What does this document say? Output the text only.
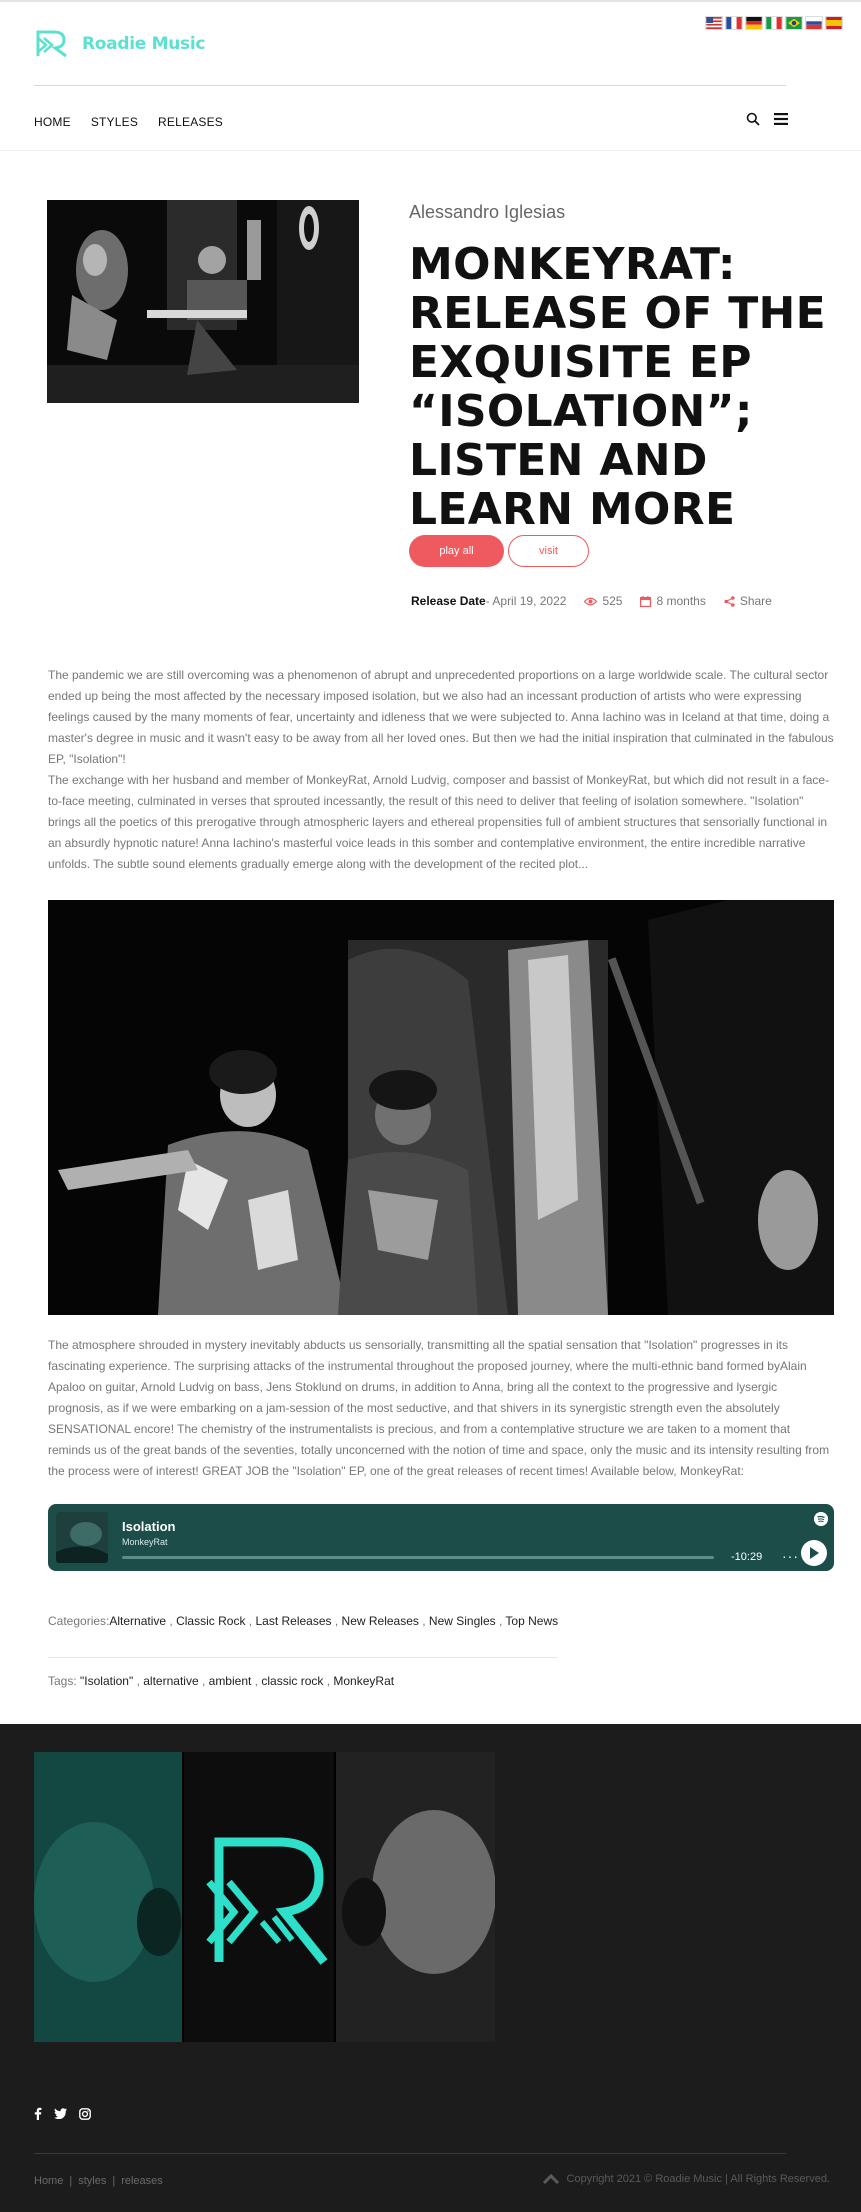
Roadie Music
HOME STYLES RELEASES
Alessandro Iglesias
MONKEYRAT: RELEASE OF THE EXQUISITE EP “ISOLATION”; LISTEN AND LEARN MORE
play all	visit
Release Date - April 19, 2022	525	8 months	Share

The pandemic we are still overcoming was a phenomenon of abrupt and unprecedented proportions on a large worldwide scale. The cultural sector ended up being the most affected by the necessary imposed isolation, but we also had an incessant production of artists who were expressing feelings caused by the many moments of fear, uncertainty and idleness that we were subjected to. Anna Iachino was in Iceland at that time, doing a master's degree in music and it wasn't easy to be away from all her loved ones. But then we had the initial inspiration that culminated in the fabulous EP, "Isolation"!

The exchange with her husband and member of MonkeyRat, Arnold Ludvig, composer and bassist of MonkeyRat, but which did not result in a face-to-face meeting, culminated in verses that sprouted incessantly, the result of this need to deliver that feeling of isolation somewhere. "Isolation" brings all the poetics of this prerogative through atmospheric layers and ethereal propensities full of ambient structures that sensorially functional in an absurdly hypnotic nature! Anna Iachino's masterful voice leads in this somber and contemplative environment, the entire incredible narrative unfolds. The subtle sound elements gradually emerge along with the development of the recited plot...

The atmosphere shrouded in mystery inevitably abducts us sensorially, transmitting all the spatial sensation that "Isolation" progresses in its fascinating experience. The surprising attacks of the instrumental throughout the proposed journey, where the multi-ethnic band formed byAlain Apaloo on guitar, Arnold Ludvig on bass, Jens Stoklund on drums, in addition to Anna, bring all the context to the progressive and lysergic prognosis, as if we were embarking on a jam-session of the most seductive, and that shivers in its synergistic strength even the absolutely SENSATIONAL encore! The chemistry of the instrumentalists is precious, and from a contemplative structure we are taken to a moment that reminds us of the great bands of the seventies, totally unconcerned with the notion of time and space, only the music and its intensity resulting from the process were of interest! GREAT JOB the "Isolation" EP, one of the great releases of recent times! Available below, MonkeyRat:

Isolation
MonkeyRat
-10:29 ···
Categories:Alternative , Classic Rock , Last Releases , New Releases , New Singles , Top News
Tags: "Isolation" , alternative , ambient , classic rock , MonkeyRat
Home | styles | releases	Copyright 2021 © Roadie Music | All Rights Reserved.
